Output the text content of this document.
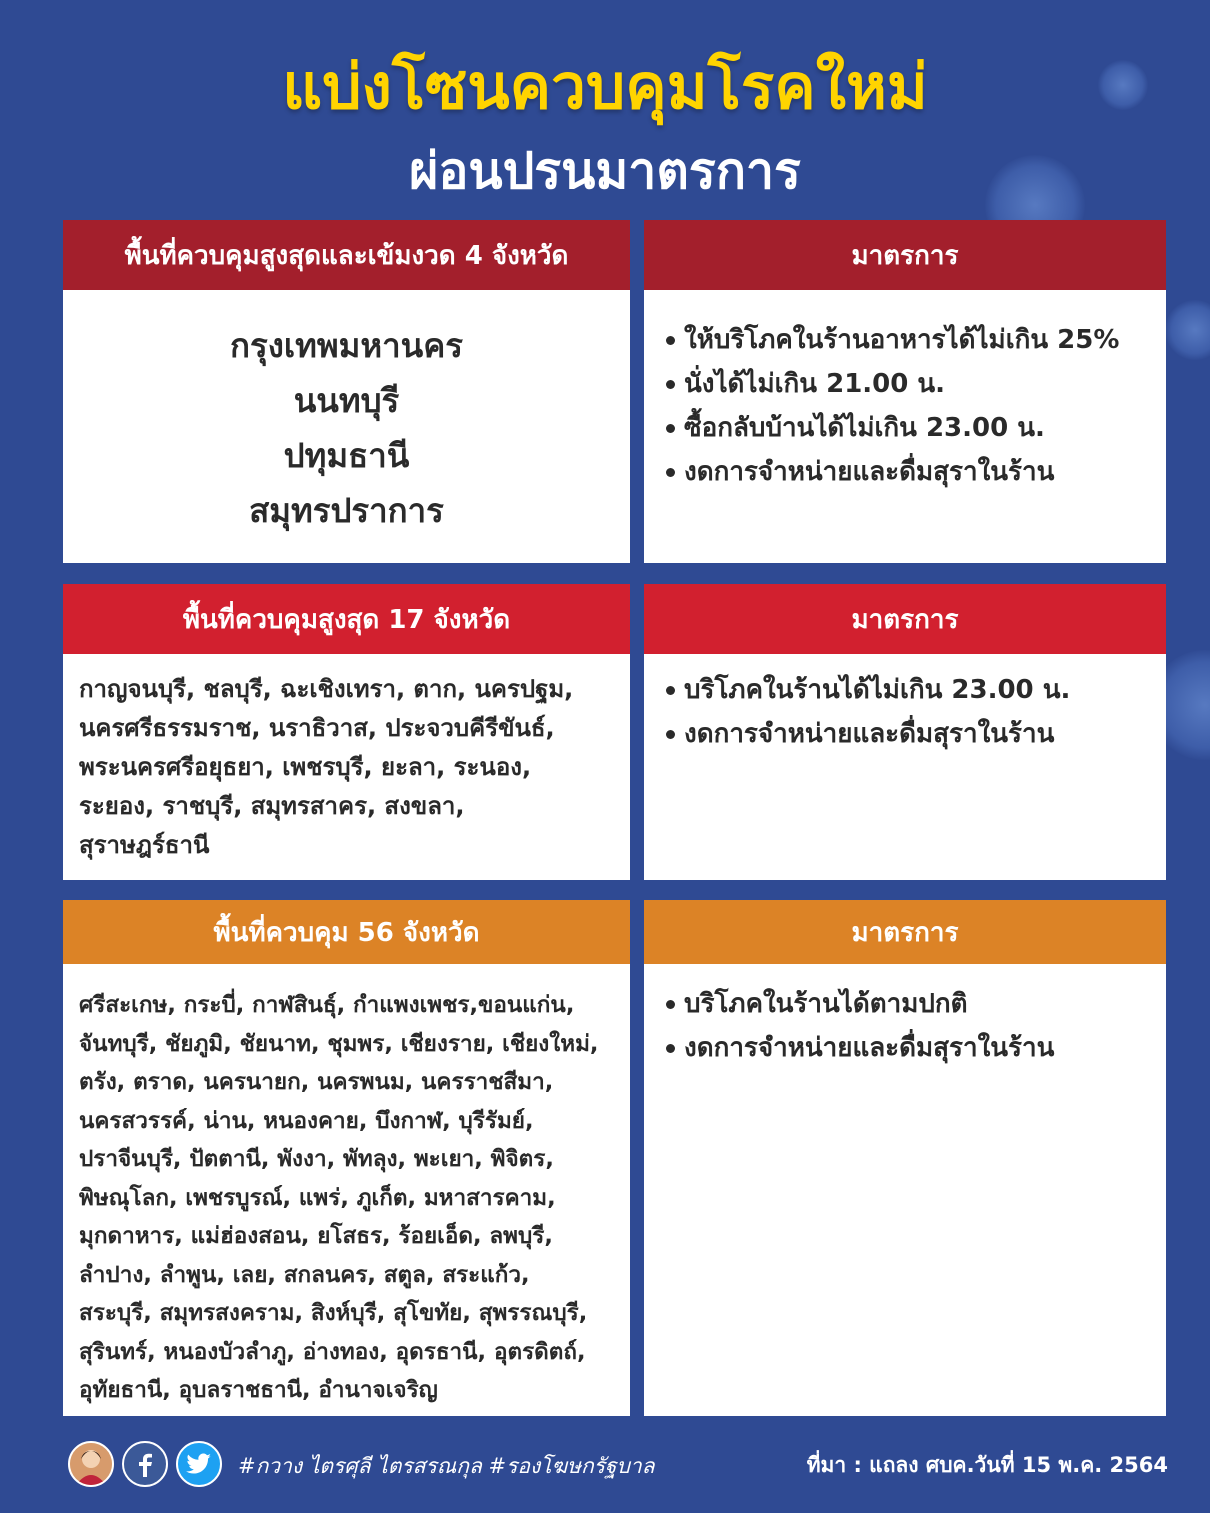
แบ่งโซนควบคุมโรคใหม่
ผ่อนปรนมาตรการ
พื้นที่ควบคุมสูงสุดและเข้มงวด 4 จังหวัด
กรุงเทพมหานคร
นนทบุรี
ปทุมธานี
สมุทรปราการ
มาตรการ
ให้บริโภคในร้านอาหารได้ไม่เกิน 25%
นั่งได้ไม่เกิน 21.00 น.
ซื้อกลับบ้านได้ไม่เกิน 23.00 น.
งดการจำหน่ายและดื่มสุราในร้าน
พื้นที่ควบคุมสูงสุด 17 จังหวัด
กาญจนบุรี, ชลบุรี, ฉะเชิงเทรา, ตาก, นครปฐม,
นครศรีธรรมราช, นราธิวาส, ประจวบคีรีขันธ์,
พระนครศรีอยุธยา, เพชรบุรี, ยะลา, ระนอง,
ระยอง, ราชบุรี, สมุทรสาคร, สงขลา,
สุราษฎร์ธานี
มาตรการ
บริโภคในร้านได้ไม่เกิน 23.00 น.
งดการจำหน่ายและดื่มสุราในร้าน
พื้นที่ควบคุม 56 จังหวัด
ศรีสะเกษ, กระบี่, กาฬสินธุ์, กำแพงเพชร,ขอนแก่น,
จันทบุรี, ชัยภูมิ, ชัยนาท, ชุมพร, เชียงราย, เชียงใหม่,
ตรัง, ตราด, นครนายก, นครพนม, นครราชสีมา,
นครสวรรค์, น่าน, หนองคาย, บึงกาฬ, บุรีรัมย์,
ปราจีนบุรี, ปัตตานี, พังงา, พัทลุง, พะเยา, พิจิตร,
พิษณุโลก, เพชรบูรณ์, แพร่, ภูเก็ต, มหาสารคาม,
มุกดาหาร, แม่ฮ่องสอน, ยโสธร, ร้อยเอ็ด, ลพบุรี,
ลำปาง, ลำพูน, เลย, สกลนคร, สตูล, สระแก้ว,
สระบุรี, สมุทรสงคราม, สิงห์บุรี, สุโขทัย, สุพรรณบุรี,
สุรินทร์, หนองบัวลำภู, อ่างทอง, อุดรธานี, อุตรดิตถ์,
อุทัยธานี, อุบลราชธานี, อำนาจเจริญ
มาตรการ
บริโภคในร้านได้ตามปกติ
งดการจำหน่ายและดื่มสุราในร้าน
#กวาง ไตรศุลี ไตรสรณกุล #รองโฆษกรัฐบาล	ที่มา : แถลง ศบค.วันที่ 15 พ.ค. 2564
